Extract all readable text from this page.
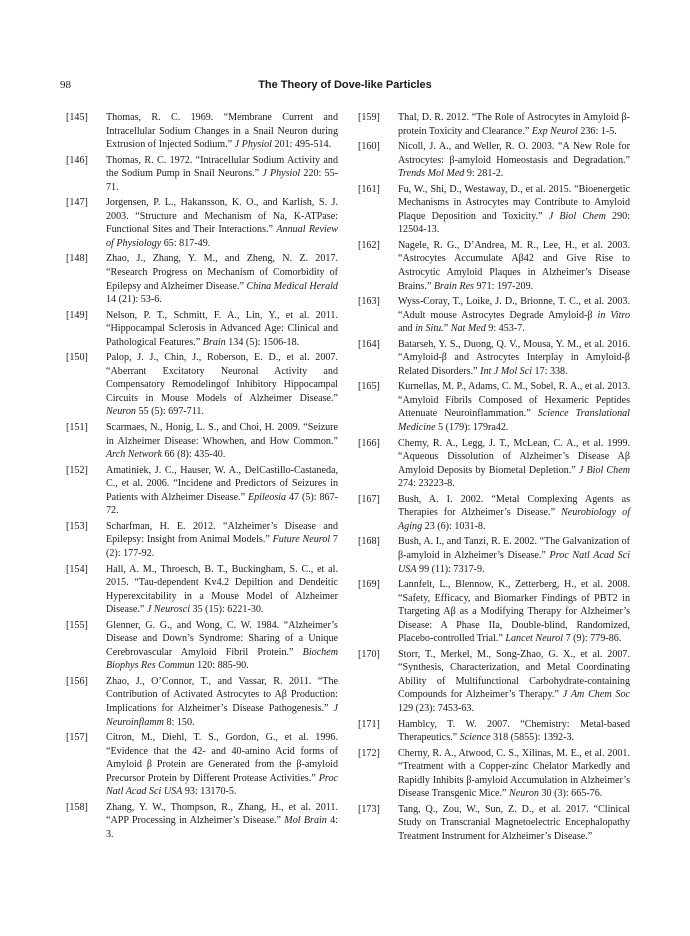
98	The Theory of Dove-like Particles
[145] Thomas, R. C. 1969. “Membrane Current and Intracellular Sodium Changes in a Snail Neuron during Extrusion of Injected Sodium.” J Physiol 201: 495-514.
[146] Thomas, R. C. 1972. “Intracellular Sodium Activity and the Sodium Pump in Snail Neurons.” J Physiol 220: 55-71.
[147] Jorgensen, P. L., Hakansson, K. O., and Karlish, S. J. 2003. “Structure and Mechanism of Na, K-ATPase: Functional Sites and Their Interactions.” Annual Review of Physiology 65: 817-49.
[148] Zhao, J., Zhang, Y. M., and Zheng, N. Z. 2017. “Research Progress on Mechanism of Comorbidity of Epilepsy and Alzheimer Disease.” China Medical Herald 14 (21): 53-6.
[149] Nelson, P. T., Schmitt, F. A., Lin, Y., et al. 2011. “Hippocampal Sclerosis in Advanced Age: Clinical and Pathological Features.” Brain 134 (5): 1506-18.
[150] Palop, J. J., Chin, J., Roberson, E. D., et al. 2007. “Aberrant Excitatory Neuronal Activity and Compensatory Remodelingof Inhibitory Hippocampal Circuits in Mouse Models of Alzheimer Disease.” Neuron 55 (5): 697-711.
[151] Scarmaes, N., Honig, L. S., and Choi, H. 2009. “Seizure in Alzheimer Disease: Whowhen, and How Common.” Arch Network 66 (8): 435-40.
[152] Amatiniek, J. C., Hauser, W. A., DelCastillo-Castaneda, C., et al. 2006. “Incidene and Predictors of Seizures in Patients with Alzheimer Disease.” Epileosia 47 (5): 867-72.
[153] Scharfman, H. E. 2012. “Alzheimer’s Disease and Epilepsy: Insight from Animal Models.” Future Neurol 7 (2): 177-92.
[154] Hall, A. M., Throesch, B. T., Buckingham, S. C., et al. 2015. “Tau-dependent Kv4.2 Depiltion and Dendeitic Hyperexcitability in a Mouse Model of Alzheimer Disease.” J Neurosci 35 (15): 6221-30.
[155] Glenner, G. G., and Wong, C. W. 1984. “Alzheimer’s Disease and Down’s Syndrome: Sharing of a Unique Cerebrovascular Amyloid Fibril Protein.” Biochem Biophys Res Commun 120: 885-90.
[156] Zhao, J., O’Connor, T., and Vassar, R. 2011. “The Contribution of Activated Astrocytes to Aβ Production: Implications for Alzheimer’s Disease Pathogenesis.” J Neuroinflamm 8: 150.
[157] Citron, M., Diehl, T. S., Gordon, G., et al. 1996. “Evidence that the 42- and 40-amino Acid forms of Amyloid β Protein are Generated from the β-amyloid Precursor Protein by Different Protease Activities.” Proc Natl Acad Sci USA 93: 13170-5.
[158] Zhang, Y. W., Thompson, R., Zhang, H., et al. 2011. “APP Processing in Alzheimer’s Disease.” Mol Brain 4: 3.
[159] Thal, D. R. 2012. “The Role of Astrocytes in Amyloid β-protein Toxicity and Clearance.” Exp Neurol 236: 1-5.
[160] Nicoll, J. A., and Weller, R. O. 2003. “A New Role for Astrocytes: β-amyloid Homeostasis and Degradation.” Trends Mol Med 9: 281-2.
[161] Fu, W., Shi, D., Westaway, D., et al. 2015. “Bioenergetic Mechanisms in Astrocytes may Contribute to Amyloid Plaque Deposition and Toxicity.” J Biol Chem 290: 12504-13.
[162] Nagele, R. G., D’Andrea, M. R., Lee, H., et al. 2003. “Astrocytes Accumulate Aβ42 and Give Rise to Astrocytic Amyloid Plaques in Alzheimer’s Disease Brains.” Brain Res 971: 197-209.
[163] Wyss-Coray, T., Loike, J. D., Brionne, T. C., et al. 2003. “Adult mouse Astrocytes Degrade Amyloid-β in Vitro and in Situ.” Nat Med 9: 453-7.
[164] Batarseh, Y. S., Duong, Q. V., Mousa, Y. M., et al. 2016. “Amyloid-β and Astrocytes Interplay in Amyloid-β Related Disorders.” Int J Mol Sci 17: 338.
[165] Kurnellas, M. P., Adams, C. M., Sobel, R. A., et al. 2013. “Amyloid Fibrils Composed of Hexameric Peptides Attenuate Neuroinflammation.” Science Translational Medicine 5 (179): 179ra42.
[166] Chemy, R. A., Legg, J. T., McLean, C. A., et al. 1999. “Aqueous Dissolution of Alzheimer’s Disease Aβ Amyloid Deposits by Biometal Depletion.” J Biol Chem 274: 23223-8.
[167] Bush, A. I. 2002. “Metal Complexing Agents as Therapies for Alzheimer’s Disease.” Neurobiology of Aging 23 (6): 1031-8.
[168] Bush, A. I., and Tanzi, R. E. 2002. “The Galvanization of β-amyloid in Alzheimer’s Disease.” Proc Natl Acad Sci USA 99 (11): 7317-9.
[169] Lannfelt, L., Blennow, K., Zetterberg, H., et al. 2008. “Safety, Efficacy, and Biomarker Findings of PBT2 in Ttargeting Aβ as a Modifying Therapy for Alzheimer’s Disease: A Phase IIa, Double-blind, Randomized, Placebo-controlled Trial.” Lancet Neurol 7 (9): 779-86.
[170] Storr, T., Merkel, M., Song-Zhao, G. X., et al. 2007. “Synthesis, Characterization, and Metal Coordinating Ability of Multifunctional Carbohydrate-containing Compounds for Alzheimer’s Therapy.” J Am Chem Soc 129 (23): 7453-63.
[171] Hamblcy, T. W. 2007. “Chemistry: Metal-based Therapeutics.” Science 318 (5855): 1392-3.
[172] Cherny, R. A., Atwood, C. S., Xilinas, M. E., et al. 2001. “Treatment with a Copper-zinc Chelator Markedly and Rapidly Inhibits β-amyloid Accumulation in Alzheimer’s Disease Transgenic Mice.” Neuron 30 (3): 665-76.
[173] Tang, Q., Zou, W., Sun, Z. D., et al. 2017. “Clinical Study on Transcranial Magnetoelectric Encephalopathy Treatment Instrument for Alzheimer’s Disease.”
